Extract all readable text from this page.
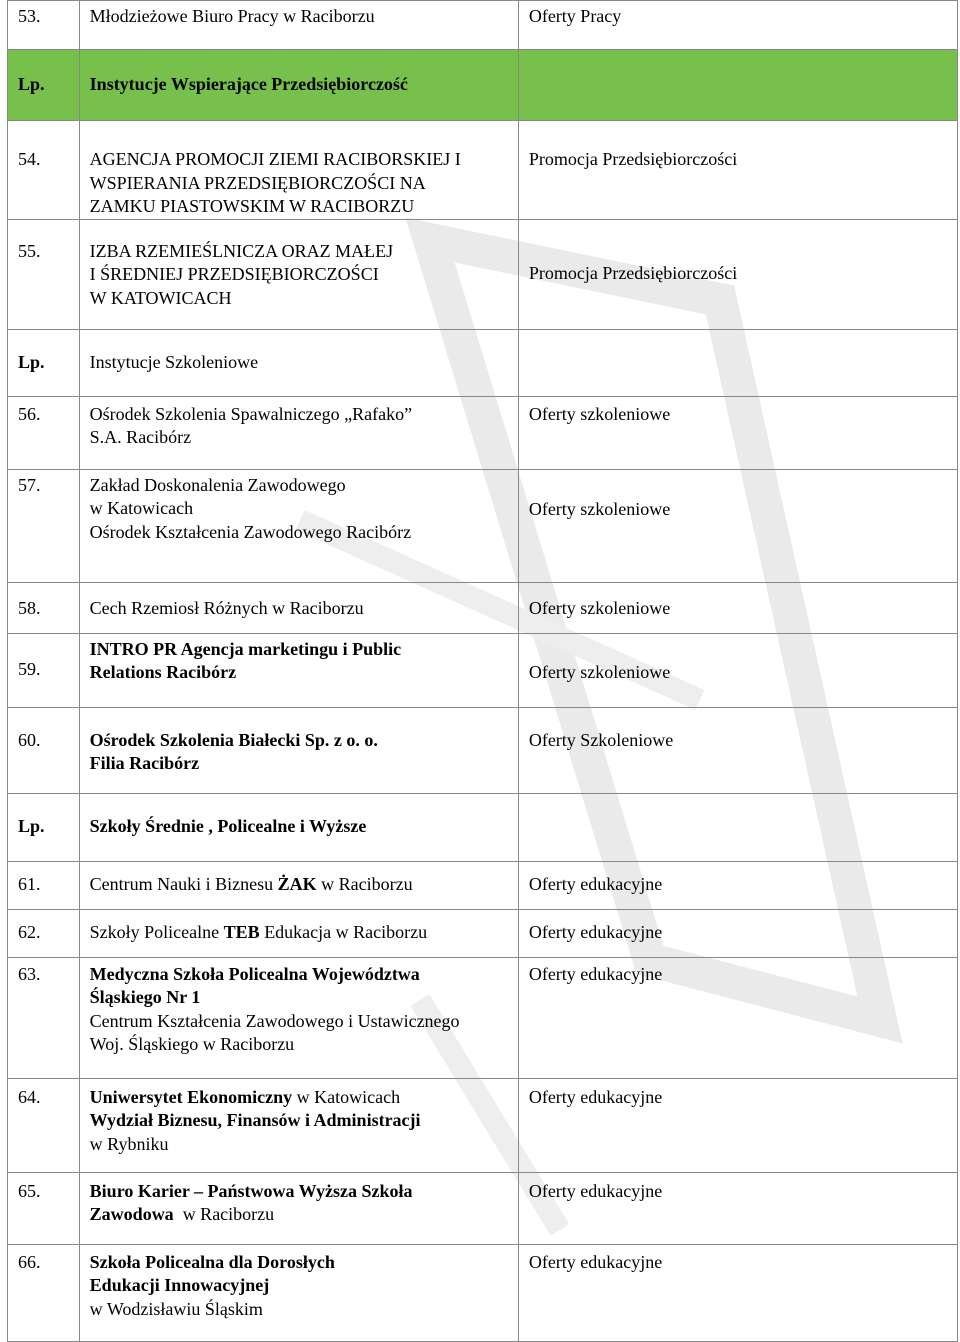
53.	Młodzieżowe Biuro Pracy w Raciborzu	Oferty Pracy
Lp.	Instytucje Wspierające Przedsiębiorczość	
54.	AGENCJA PROMOCJI ZIEMI RACIBORSKIEJ I
WSPIERANIA PRZEDSIĘBIORCZOŚCI NA
ZAMKU PIASTOWSKIM W RACIBORZU	Promocja Przedsiębiorczości
55.	IZBA RZEMIEŚLNICZA ORAZ MAŁEJ
I ŚREDNIEJ PRZEDSIĘBIORCZOŚCI
W KATOWICACH	Promocja Przedsiębiorczości
Lp.	Instytucje Szkoleniowe	
56.	Ośrodek Szkolenia Spawalniczego „Rafako”
S.A. Racibórz	Oferty szkoleniowe
57.	Zakład Doskonalenia Zawodowego
w Katowicach
Ośrodek Kształcenia Zawodowego Racibórz	Oferty szkoleniowe
58.	Cech Rzemiosł Różnych w Raciborzu	Oferty szkoleniowe
59.	INTRO PR Agencja marketingu i Public
Relations Racibórz	Oferty szkoleniowe
60.	Ośrodek Szkolenia Białecki Sp. z o. o.
Filia Racibórz	Oferty Szkoleniowe
Lp.	Szkoły Średnie , Policealne i Wyższe	
61.	Centrum Nauki i Biznesu ŻAK w Raciborzu	Oferty edukacyjne
62.	Szkoły Policealne TEB Edukacja w Raciborzu	Oferty edukacyjne
63.	Medyczna Szkoła Policealna Województwa
Śląskiego Nr 1
Centrum Kształcenia Zawodowego i Ustawicznego
Woj. Śląskiego w Raciborzu	Oferty edukacyjne
64.	Uniwersytet Ekonomiczny w Katowicach
Wydział Biznesu, Finansów i Administracji
w Rybniku	Oferty edukacyjne
65.	Biuro Karier – Państwowa Wyższa Szkoła
Zawodowa  w Raciborzu	Oferty edukacyjne
66.	Szkoła Policealna dla Dorosłych
Edukacji Innowacyjnej
w Wodzisławiu Śląskim	Oferty edukacyjne
